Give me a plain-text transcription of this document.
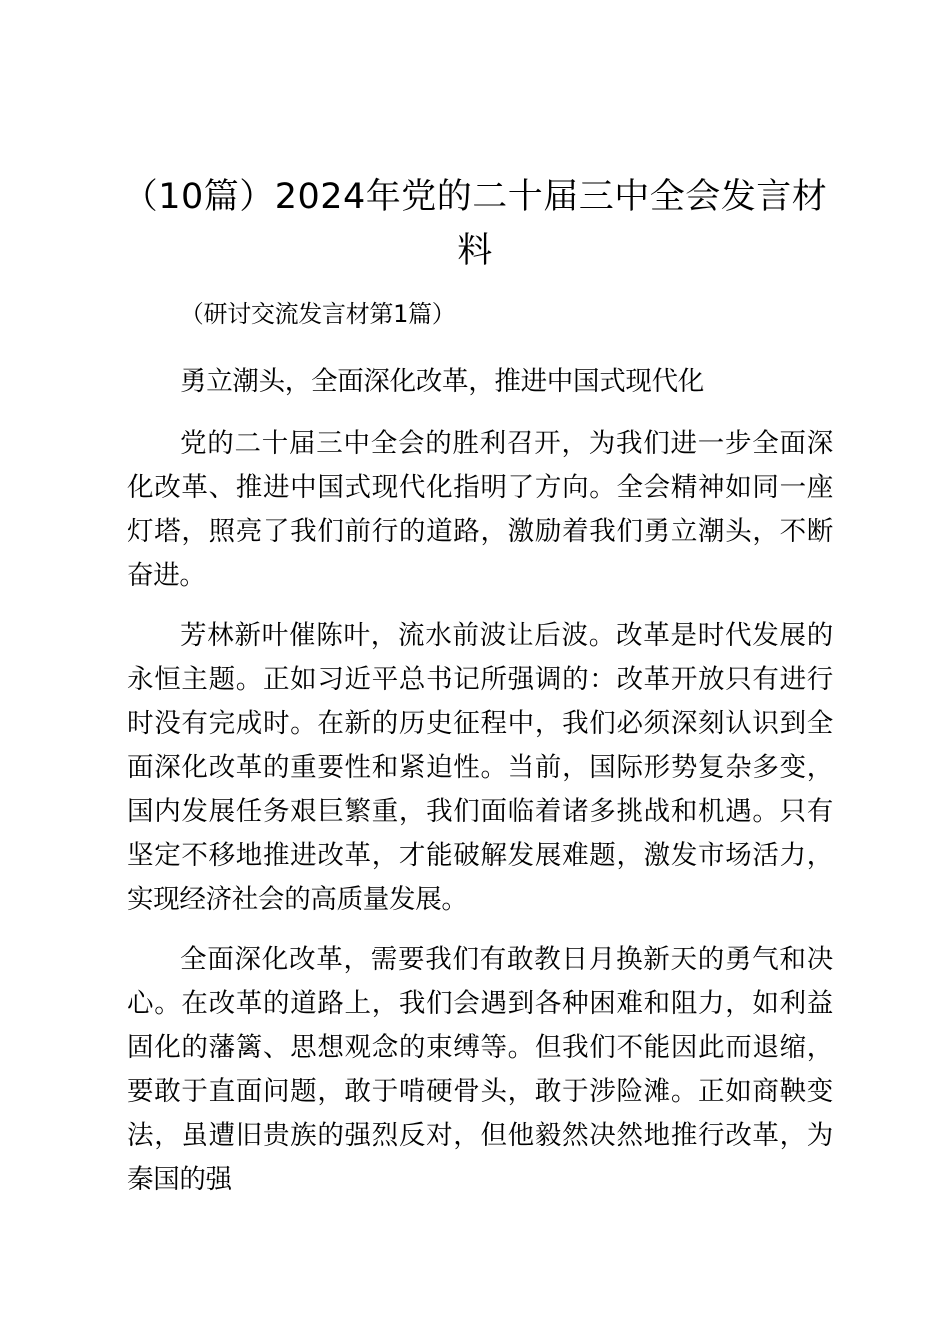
（10篇）2024年党的二十届三中全会发言材料

（研讨交流发言材第1篇）

勇立潮头，全面深化改革，推进中国式现代化

党的二十届三中全会的胜利召开，为我们进一步全面深化改革、推进中国式现代化指明了方向。全会精神如同一座灯塔，照亮了我们前行的道路，激励着我们勇立潮头，不断奋进。

芳林新叶催陈叶，流水前波让后波。改革是时代发展的永恒主题。正如习近平总书记所强调的：改革开放只有进行时没有完成时。在新的历史征程中，我们必须深刻认识到全面深化改革的重要性和紧迫性。当前，国际形势复杂多变，国内发展任务艰巨繁重，我们面临着诸多挑战和机遇。只有坚定不移地推进改革，才能破解发展难题，激发市场活力，实现经济社会的高质量发展。

全面深化改革，需要我们有敢教日月换新天的勇气和决心。在改革的道路上，我们会遇到各种困难和阻力，如利益固化的藩篱、思想观念的束缚等。但我们不能因此而退缩，要敢于直面问题，敢于啃硬骨头，敢于涉险滩。正如商鞅变法，虽遭旧贵族的强烈反对，但他毅然决然地推行改革，为秦国的强
